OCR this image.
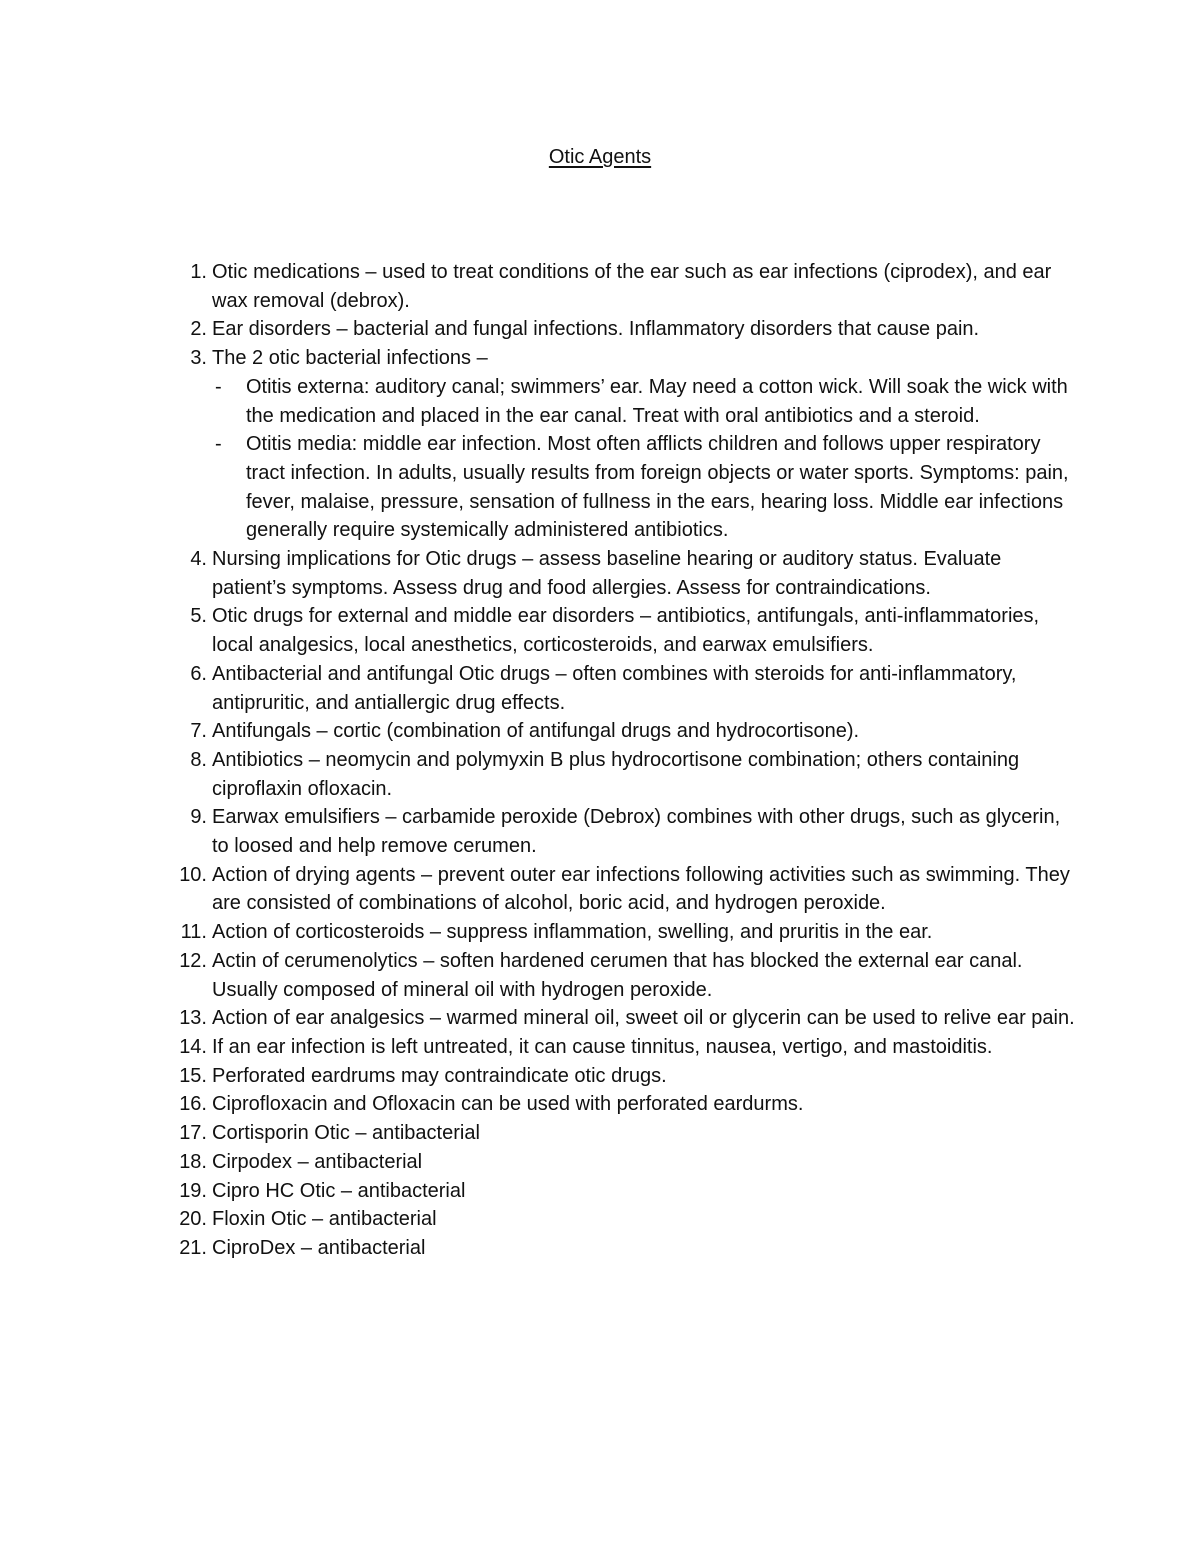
Otic Agents
1. Otic medications – used to treat conditions of the ear such as ear infections (ciprodex), and ear wax removal (debrox).
2. Ear disorders – bacterial and fungal infections. Inflammatory disorders that cause pain.
3. The 2 otic bacterial infections –
- Otitis externa: auditory canal; swimmers’ ear. May need a cotton wick. Will soak the wick with the medication and placed in the ear canal. Treat with oral antibiotics and a steroid.
- Otitis media: middle ear infection. Most often afflicts children and follows upper respiratory tract infection. In adults, usually results from foreign objects or water sports. Symptoms: pain, fever, malaise, pressure, sensation of fullness in the ears, hearing loss. Middle ear infections generally require systemically administered antibiotics.
4. Nursing implications for Otic drugs – assess baseline hearing or auditory status. Evaluate patient’s symptoms. Assess drug and food allergies. Assess for contraindications.
5. Otic drugs for external and middle ear disorders – antibiotics, antifungals, anti-inflammatories, local analgesics, local anesthetics, corticosteroids, and earwax emulsifiers.
6. Antibacterial and antifungal Otic drugs – often combines with steroids for anti-inflammatory, antipruritic, and antiallergic drug effects.
7. Antifungals – cortic (combination of antifungal drugs and hydrocortisone).
8. Antibiotics – neomycin and polymyxin B plus hydrocortisone combination; others containing ciproflaxin ofloxacin.
9. Earwax emulsifiers – carbamide peroxide (Debrox) combines with other drugs, such as glycerin, to loosed and help remove cerumen.
10. Action of drying agents – prevent outer ear infections following activities such as swimming. They are consisted of combinations of alcohol, boric acid, and hydrogen peroxide.
11. Action of corticosteroids – suppress inflammation, swelling, and pruritis in the ear.
12. Actin of cerumenolytics – soften hardened cerumen that has blocked the external ear canal. Usually composed of mineral oil with hydrogen peroxide.
13. Action of ear analgesics – warmed mineral oil, sweet oil or glycerin can be used to relive ear pain.
14. If an ear infection is left untreated, it can cause tinnitus, nausea, vertigo, and mastoiditis.
15. Perforated eardrums may contraindicate otic drugs.
16. Ciprofloxacin and Ofloxacin can be used with perforated eardurms.
17. Cortisporin Otic – antibacterial
18. Cirpodex – antibacterial
19. Cipro HC Otic – antibacterial
20. Floxin Otic – antibacterial
21. CiproDex – antibacterial
